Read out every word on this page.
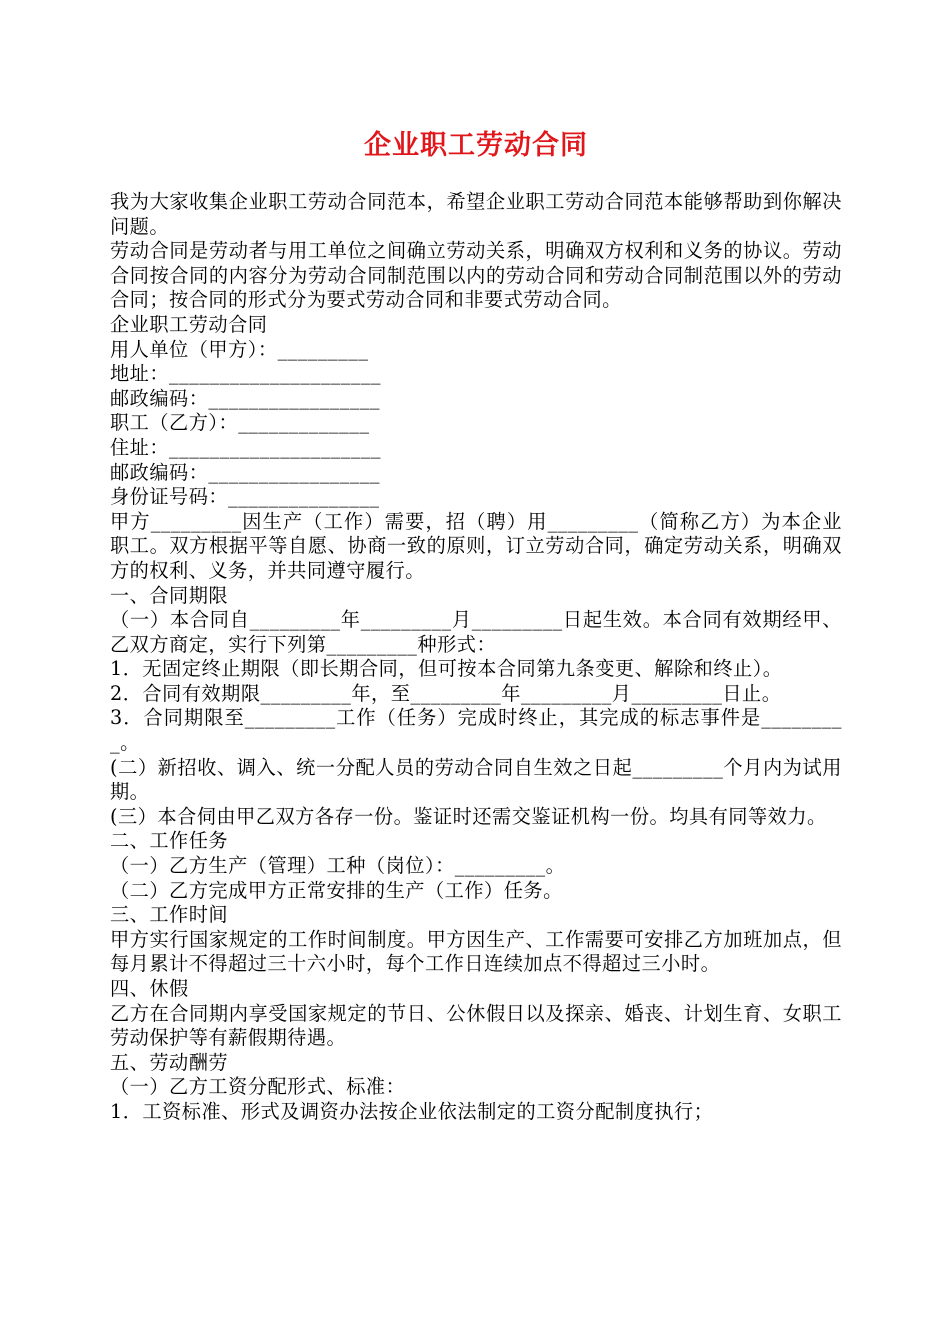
企业职工劳动合同

我为大家收集企业职工劳动合同范本，希望企业职工劳动合同范本能够帮助到你解决问题。

劳动合同是劳动者与用工单位之间确立劳动关系，明确双方权利和义务的协议。劳动合同按合同的内容分为劳动合同制范围以内的劳动合同和劳动合同制范围以外的劳动合同；按合同的形式分为要式劳动合同和非要式劳动合同。

企业职工劳动合同

用人单位（甲方）：_________

地址：_____________________

邮政编码：_________________

职工（乙方）：_____________

住址：_____________________

邮政编码：_________________

身份证号码：_______________

甲方_________因生产（工作）需要，招（聘）用_________（简称乙方）为本企业职工。双方根据平等自愿、协商一致的原则，订立劳动合同，确定劳动关系，明确双方的权利、义务，并共同遵守履行。

一、合同期限

（一）本合同自_________年_________月_________日起生效。本合同有效期经甲、乙双方商定，实行下列第_________种形式：

1．无固定终止期限（即长期合同，但可按本合同第九条变更、解除和终止）。

2．合同有效期限_________年，至_________年_________月_________日止。

3．合同期限至_________工作（任务）完成时终止，其完成的标志事件是_________。

(二）新招收、调入、统一分配人员的劳动合同自生效之日起_________个月内为试用期。

(三）本合伺由甲乙双方各存一份。鉴证时还需交鉴证机构一份。均具有同等效力。

二、工作任务

（一）乙方生产（管理）工种（岗位）：_________。

（二）乙方完成甲方正常安排的生产（工作）任务。

三、工作时间

甲方实行国家规定的工作时间制度。甲方因生产、工作需要可安排乙方加班加点，但每月累计不得超过三十六小时，每个工作日连续加点不得超过三小时。

四、休假

乙方在合同期内享受国家规定的节日、公休假日以及探亲、婚丧、计划生育、女职工劳动保护等有薪假期待遇。

五、劳动酬劳

（一）乙方工资分配形式、标准：

1．工资标准、形式及调资办法按企业依法制定的工资分配制度执行；
